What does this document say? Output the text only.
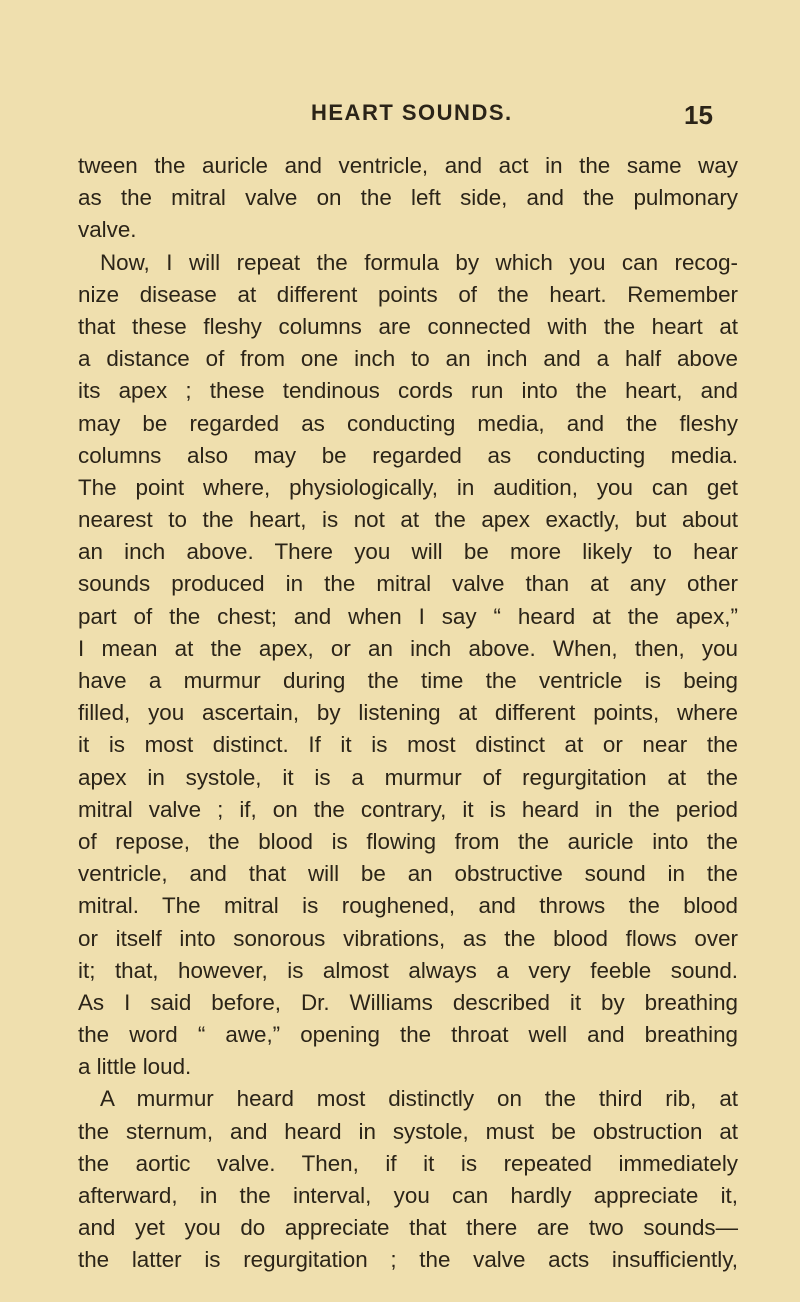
HEART SOUNDS.	15
tween the auricle and ventricle, and act in the same way
as the mitral valve on the left side, and the pulmonary
valve.
Now, I will repeat the formula by which you can recog-
nize disease at different points of the heart. Remember
that these fleshy columns are connected with the heart at
a distance of from one inch to an inch and a half above
its apex ; these tendinous cords run into the heart, and
may be regarded as conducting media, and the fleshy
columns also may be regarded as conducting media.
The point where, physiologically, in audition, you can get
nearest to the heart, is not at the apex exactly, but about
an inch above. There you will be more likely to hear
sounds produced in the mitral valve than at any other
part of the chest; and when I say “ heard at the apex,”
I mean at the apex, or an inch above. When, then, you
have a murmur during the time the ventricle is being
filled, you ascertain, by listening at different points, where
it is most distinct. If it is most distinct at or near the
apex in systole, it is a murmur of regurgitation at the
mitral valve ; if, on the contrary, it is heard in the period
of repose, the blood is flowing from the auricle into the
ventricle, and that will be an obstructive sound in the
mitral. The mitral is roughened, and throws the blood
or itself into sonorous vibrations, as the blood flows over
it; that, however, is almost always a very feeble sound.
As I said before, Dr. Williams described it by breathing
the word “ awe,” opening the throat well and breathing
a little loud.
A murmur heard most distinctly on the third rib, at
the sternum, and heard in systole, must be obstruction at
the aortic valve. Then, if it is repeated immediately
afterward, in the interval, you can hardly appreciate it,
and yet you do appreciate that there are two sounds—
the latter is regurgitation ; the valve acts insufficiently,
